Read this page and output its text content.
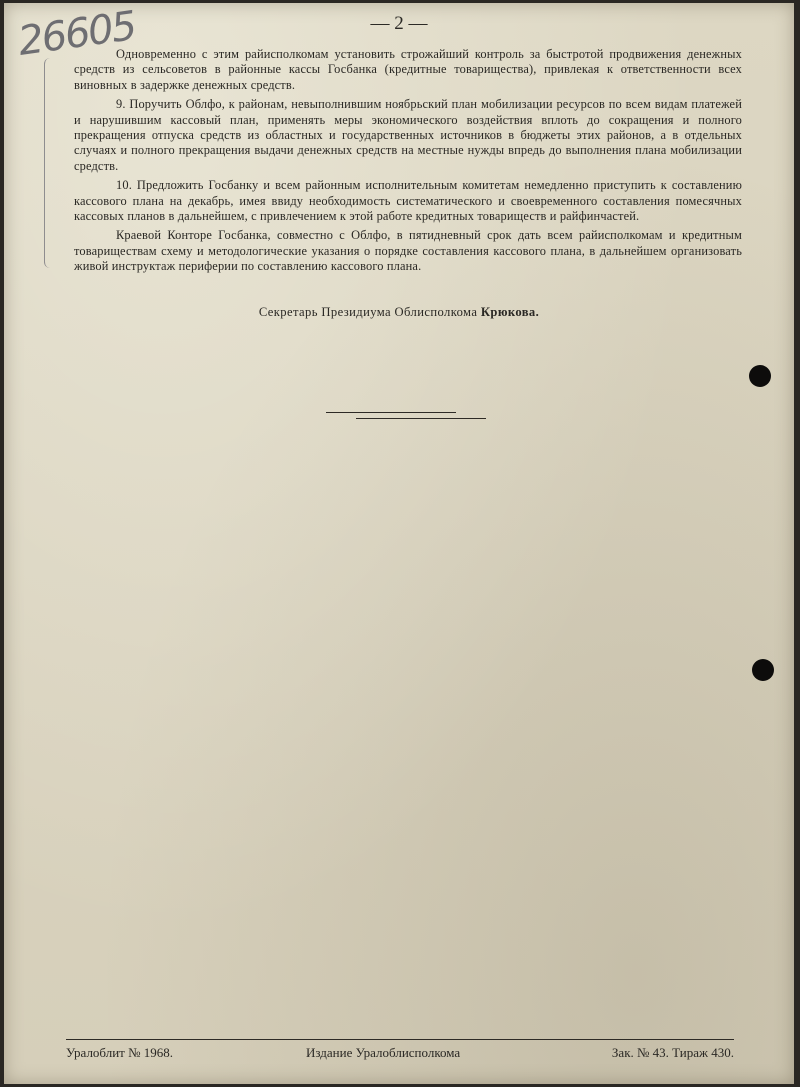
26605	— 2 —

Одновременно с этим райисполкомам установить строжайший контроль за быстротой продвижения денежных средств из сельсоветов в районные кассы Госбанка (кредитные товарищества), привлекая к ответственности всех виновных в задержке денежных средств.

9. Поручить Облфо, к районам, невыполнившим ноябрьский план мобилизации ресурсов по всем видам платежей и нарушившим кассовый план, применять меры экономического воздействия вплоть до сокращения и полного прекращения отпуска средств из областных и государственных источников в бюджеты этих районов, а в отдельных случаях и полного прекращения выдачи денежных средств на местные нужды впредь до выполнения плана мобилизации средств.

10. Предложить Госбанку и всем районным исполнительным комитетам немедленно приступить к составлению кассового плана на декабрь, имея ввиду необходимость систематического и своевременного составления помесячных кассовых планов в дальнейшем, с привлечением к этой работе кредитных товариществ и райфинчастей.

Краевой Конторе Госбанка, совместно с Облфо, в пятидневный срок дать всем райисполкомам и кредитным товариществам схему и методологические указания о порядке составления кассового плана, в дальнейшем организовать живой инструктаж периферии по составлению кассового плана.

Секретарь Президиума Облисполкома Крюкова.
Уралоблит № 1968.	Издание Уралоблисполкома	Зак. № 43. Тираж 430.
